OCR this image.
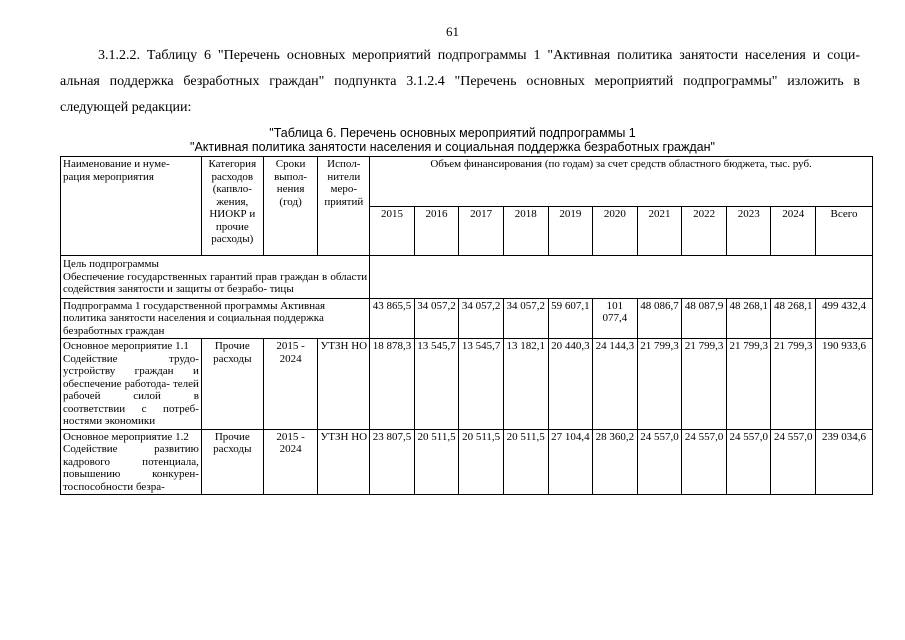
61
3.1.2.2. Таблицу 6 "Перечень основных мероприятий подпрограммы 1 "Активная политика занятости населения и соци-
альная поддержка безработных граждан" подпункта 3.1.2.4 "Перечень основных мероприятий подпрограммы" изложить в
следующей редакции:
"Таблица 6. Перечень основных мероприятий подпрограммы 1
"Активная политика занятости населения и социальная поддержка безработных граждан"
Наименование и нуме- рация мероприятия	Категория расходов (капвло- жения, НИОКР и прочие расходы)	Сроки выпол- нения (год)	Испол- нители меро- приятий	Объем финансирования (по годам) за счет средств областного бюджета, тыс. руб.										
				2015	2016	2017	2018	2019	2020	2021	2022	2023	2024	Всего

Цель подпрограммы
Обеспечение государственных гарантий прав граждан в области содействия занятости и защиты от безрабо- тицы														

Подпрограмма 1 государственной программы Активная политика занятости населения и социальная поддержка безработных граждан				43 865,5	34 057,2	34 057,2	34 057,2	59 607,1	101 077,4	48 086,7	48 087,9	48 268,1	48 268,1	499 432,4

Основное мероприятие 1.1
Содействие трудо- устройству граждан и обеспечение работода- телей рабочей силой в соответствии с потреб- ностями экономики	Прочие расходы	2015 - 2024	УТЗН НО	18 878,3	13 545,7	13 545,7	13 182,1	20 440,3	24 144,3	21 799,3	21 799,3	21 799,3	21 799,3	190 933,6

Основное мероприятие 1.2
Содействие развитию кадрового потенциала, повышению конкурен- тоспособности безра-	Прочие расходы	2015 - 2024	УТЗН НО	23 807,5	20 511,5	20 511,5	20 511,5	27 104,4	28 360,2	24 557,0	24 557,0	24 557,0	24 557,0	239 034,6
